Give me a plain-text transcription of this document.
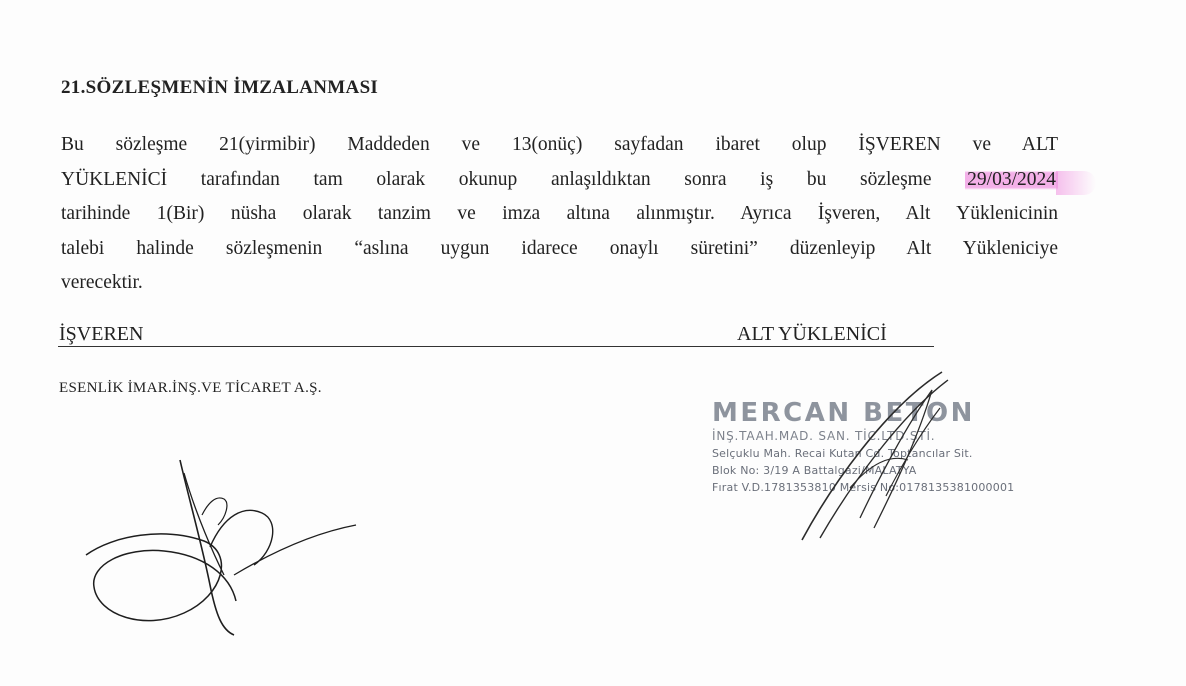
21.SÖZLEŞMENİN İMZALANMASI
Bu sözleşme 21(yirmibir) Maddeden ve 13(onüç) sayfadan ibaret olup İŞVEREN ve ALT
YÜKLENİCİ tarafından tam olarak okunup anlaşıldıktan sonra iş bu sözleşme 29/03/2024
tarihinde 1(Bir) nüsha olarak tanzim ve imza altına alınmıştır. Ayrıca İşveren, Alt Yüklenicinin
talebi halinde sözleşmenin “aslına uygun idarece onaylı süretini” düzenleyip Alt Yükleniciye
verecektir.
İŞVEREN	ALT YÜKLENİCİ
ESENLİK İMAR.İNŞ.VE TİCARET A.Ş.
MERCAN BETON
İNŞ.TAAH.MAD. SAN. TİC.LTD.ŞTİ.
Selçuklu Mah. Recai Kutan Cd. Toptancılar Sit.
Blok No: 3/19 A Battalgazi/MALATYA
Fırat V.D.1781353810 Mersis No:0178135381000001
